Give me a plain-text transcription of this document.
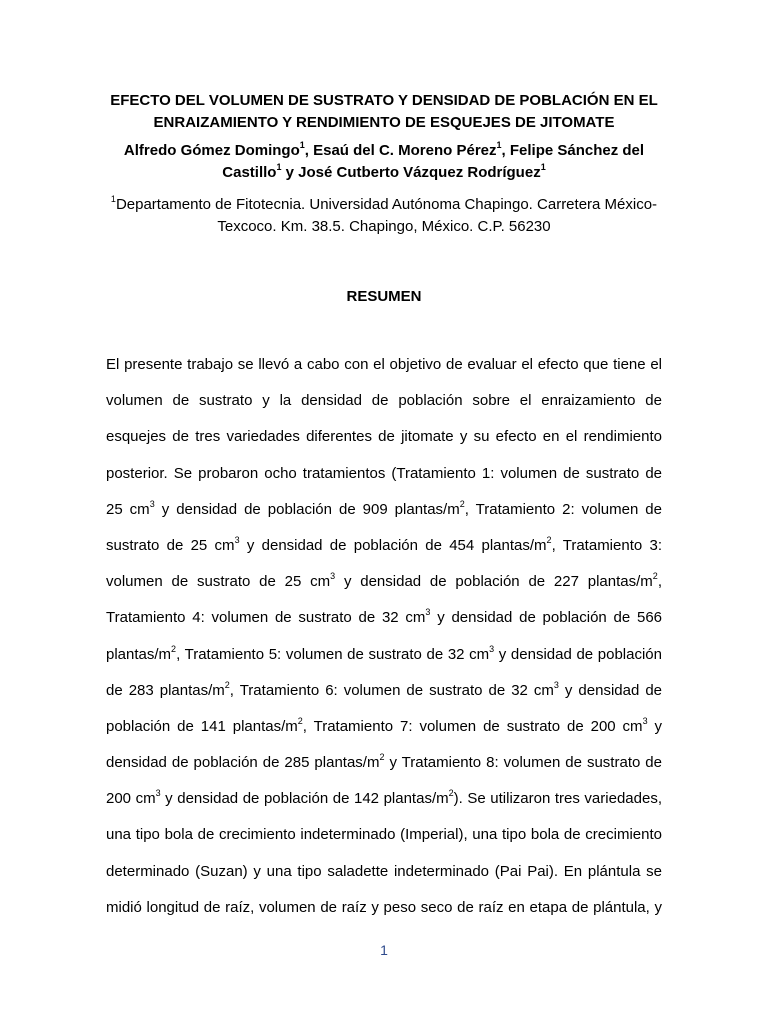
EFECTO DEL VOLUMEN DE SUSTRATO Y DENSIDAD DE POBLACIÓN EN EL
ENRAIZAMIENTO Y RENDIMIENTO DE ESQUEJES DE JITOMATE
Alfredo Gómez Domingo$^1$, Esaú del C. Moreno Pérez$^1$, Felipe Sánchez del
Castillo$^1$ y José Cutberto Vázquez Rodríguez$^1$
$^1$Departamento de Fitotecnia. Universidad Autónoma Chapingo. Carretera México-
Texcoco. Km. 38.5. Chapingo, México. C.P. 56230
RESUMEN
El presente trabajo se llevó a cabo con el objetivo de evaluar el efecto que tiene el
volumen de sustrato y la densidad de población sobre el enraizamiento de
esquejes de tres variedades diferentes de jitomate y su efecto en el rendimiento
posterior. Se probaron ocho tratamientos (Tratamiento 1: volumen de sustrato de
25 $cm^3$ y densidad de población de 909 plantas/$m^2$, Tratamiento 2: volumen de
sustrato de 25 $cm^3$ y densidad de población de 454 plantas/$m^2$, Tratamiento 3:
volumen de sustrato de 25 $cm^3$ y densidad de población de 227 plantas/$m^2$,
Tratamiento 4: volumen de sustrato de 32 $cm^3$ y densidad de población de 566
plantas/$m^2$, Tratamiento 5: volumen de sustrato de 32 $cm^3$ y densidad de población
de 283 plantas/$m^2$, Tratamiento 6: volumen de sustrato de 32 $cm^3$ y densidad de
población de 141 plantas/$m^2$, Tratamiento 7: volumen de sustrato de 200 $cm^3$ y
densidad de población de 285 plantas/$m^2$ y Tratamiento 8: volumen de sustrato de
200 $cm^3$ y densidad de población de 142 plantas/$m^2$). Se utilizaron tres variedades,
una tipo bola de crecimiento indeterminado (Imperial), una tipo bola de crecimiento
determinado (Suzan) y una tipo saladette indeterminado (Pai Pai). En plántula se
midió longitud de raíz, volumen de raíz y peso seco de raíz en etapa de plántula, y
1
